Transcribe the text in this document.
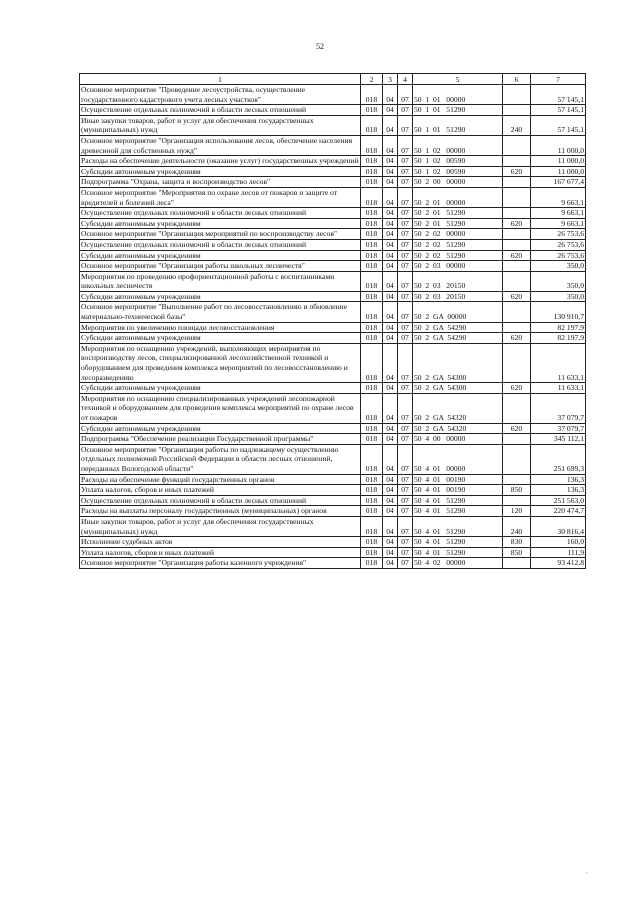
52
1	2	3	4	5	6	7
Основное мероприятие "Проведение лесоустройства, осуществление государственного кадастрового учета лесных участков"	018	04	07	50  1  01   00000		57 145,1
Осуществление отдельных полномочий в области лесных отношений	018	04	07	50  1  01   51290		57 145,1
Иные закупки товаров, работ и услуг для обеспечения государственных (муниципальных) нужд	018	04	07	50  1  01   51290	240	57 145,1
Основное мероприятие "Организация использования лесов, обеспечение населения древесиной для собственных нужд"	018	04	07	50  1  02   00000		11 000,0
Расходы на обеспечение деятельности (оказание услуг) государственных учреждений	018	04	07	50  1  02   00590		11 000,0
Субсидии автономным учреждениям	018	04	07	50  1  02   00590	620	11 000,0
Подпрограмма "Охрана, защита и воспроизводство лесов"	018	04	07	50  2  00   00000		167 677,4
Основное мероприятие "Мероприятия по охране лесов от пожаров и защите от вредителей и болезней леса"	018	04	07	50  2  01   00000		9 663,1
Осуществление отдельных полномочий в области лесных отношений	018	04	07	50  2  01   51290		9 663,1
Субсидии автономным учреждениям	018	04	07	50  2  01   51290	620	9 663,1
Основное мероприятие "Организация мероприятий по воспроизводству лесов"	018	04	07	50  2  02   00000		26 753,6
Осуществление отдельных полномочий в области лесных отношений	018	04	07	50  2  02   51290		26 753,6
Субсидии автономным учреждениям	018	04	07	50  2  02   51290	620	26 753,6
Основное мероприятие "Организация работы школьных лесничеств"	018	04	07	50  2  03   00000		350,0
Мероприятия по проведению профориентационной работы с воспитанниками школьных лесничеств	018	04	07	50  2  03   20150		350,0
Субсидии автономным учреждениям	018	04	07	50  2  03   20150	620	350,0
Основное мероприятие "Выполнение работ по лесовосстановлению и обновление материально-технической базы"	018	04	07	50  2  GA  00000		130 910,7
Мероприятия по увеличению площади лесовосстановления	018	04	07	50  2  GA  54290		82 197,9
Субсидии автономным учреждениям	018	04	07	50  2  GA  54290	620	82 197,9
Мероприятия по оснащению учреждений, выполняющих мероприятия по воспроизводству лесов, специализированной лесохозяйственной техникой и оборудованием для проведения комплекса мероприятий по лесовосстановлению и лесоразведению	018	04	07	50  2  GA  54300		11 633,1
Субсидии автономным учреждениям	018	04	07	50  2  GA  54300	620	11 633,1
Мероприятия по оснащению специализированных учреждений лесопожарной техникой и оборудованием для проведения комплекса мероприятий по охране лесов от пожаров	018	04	07	50  2  GA  54320		37 079,7
Субсидии автономным учреждениям	018	04	07	50  2  GA  54320	620	37 079,7
Подпрограмма "Обеспечение реализации Государственной программы"	018	04	07	50  4  00   00000		345 112,1
Основное мероприятие "Организация работы по надлежащему осуществлению отдельных полномочий Российской Федерации в области лесных отношений, переданных Вологодской области"	018	04	07	50  4  01   00000		251 699,3
Расходы на обеспечение функций государственных органов	018	04	07	50  4  01   00190		136,3
Уплата налогов, сборов и иных платежей	018	04	07	50  4  01   00190	850	136,3
Осуществление отдельных полномочий в области лесных отношений	018	04	07	50  4  01   51290		251 563,0
Расходы на выплаты персоналу государственных (муниципальных) органов	018	04	07	50  4  01   51290	120	220 474,7
Иные закупки товаров, работ и услуг для обеспечения государственных (муниципальных) нужд	018	04	07	50  4  01   51290	240	30 816,4
Исполнение судебных актов	018	04	07	50  4  01   51290	830	160,0
Уплата налогов, сборов и иных платежей	018	04	07	50  4  01   51290	850	111,9
Основное мероприятие "Организация работы казенного учреждения"	018	04	07	50  4  02   00000		93 412,8
·
